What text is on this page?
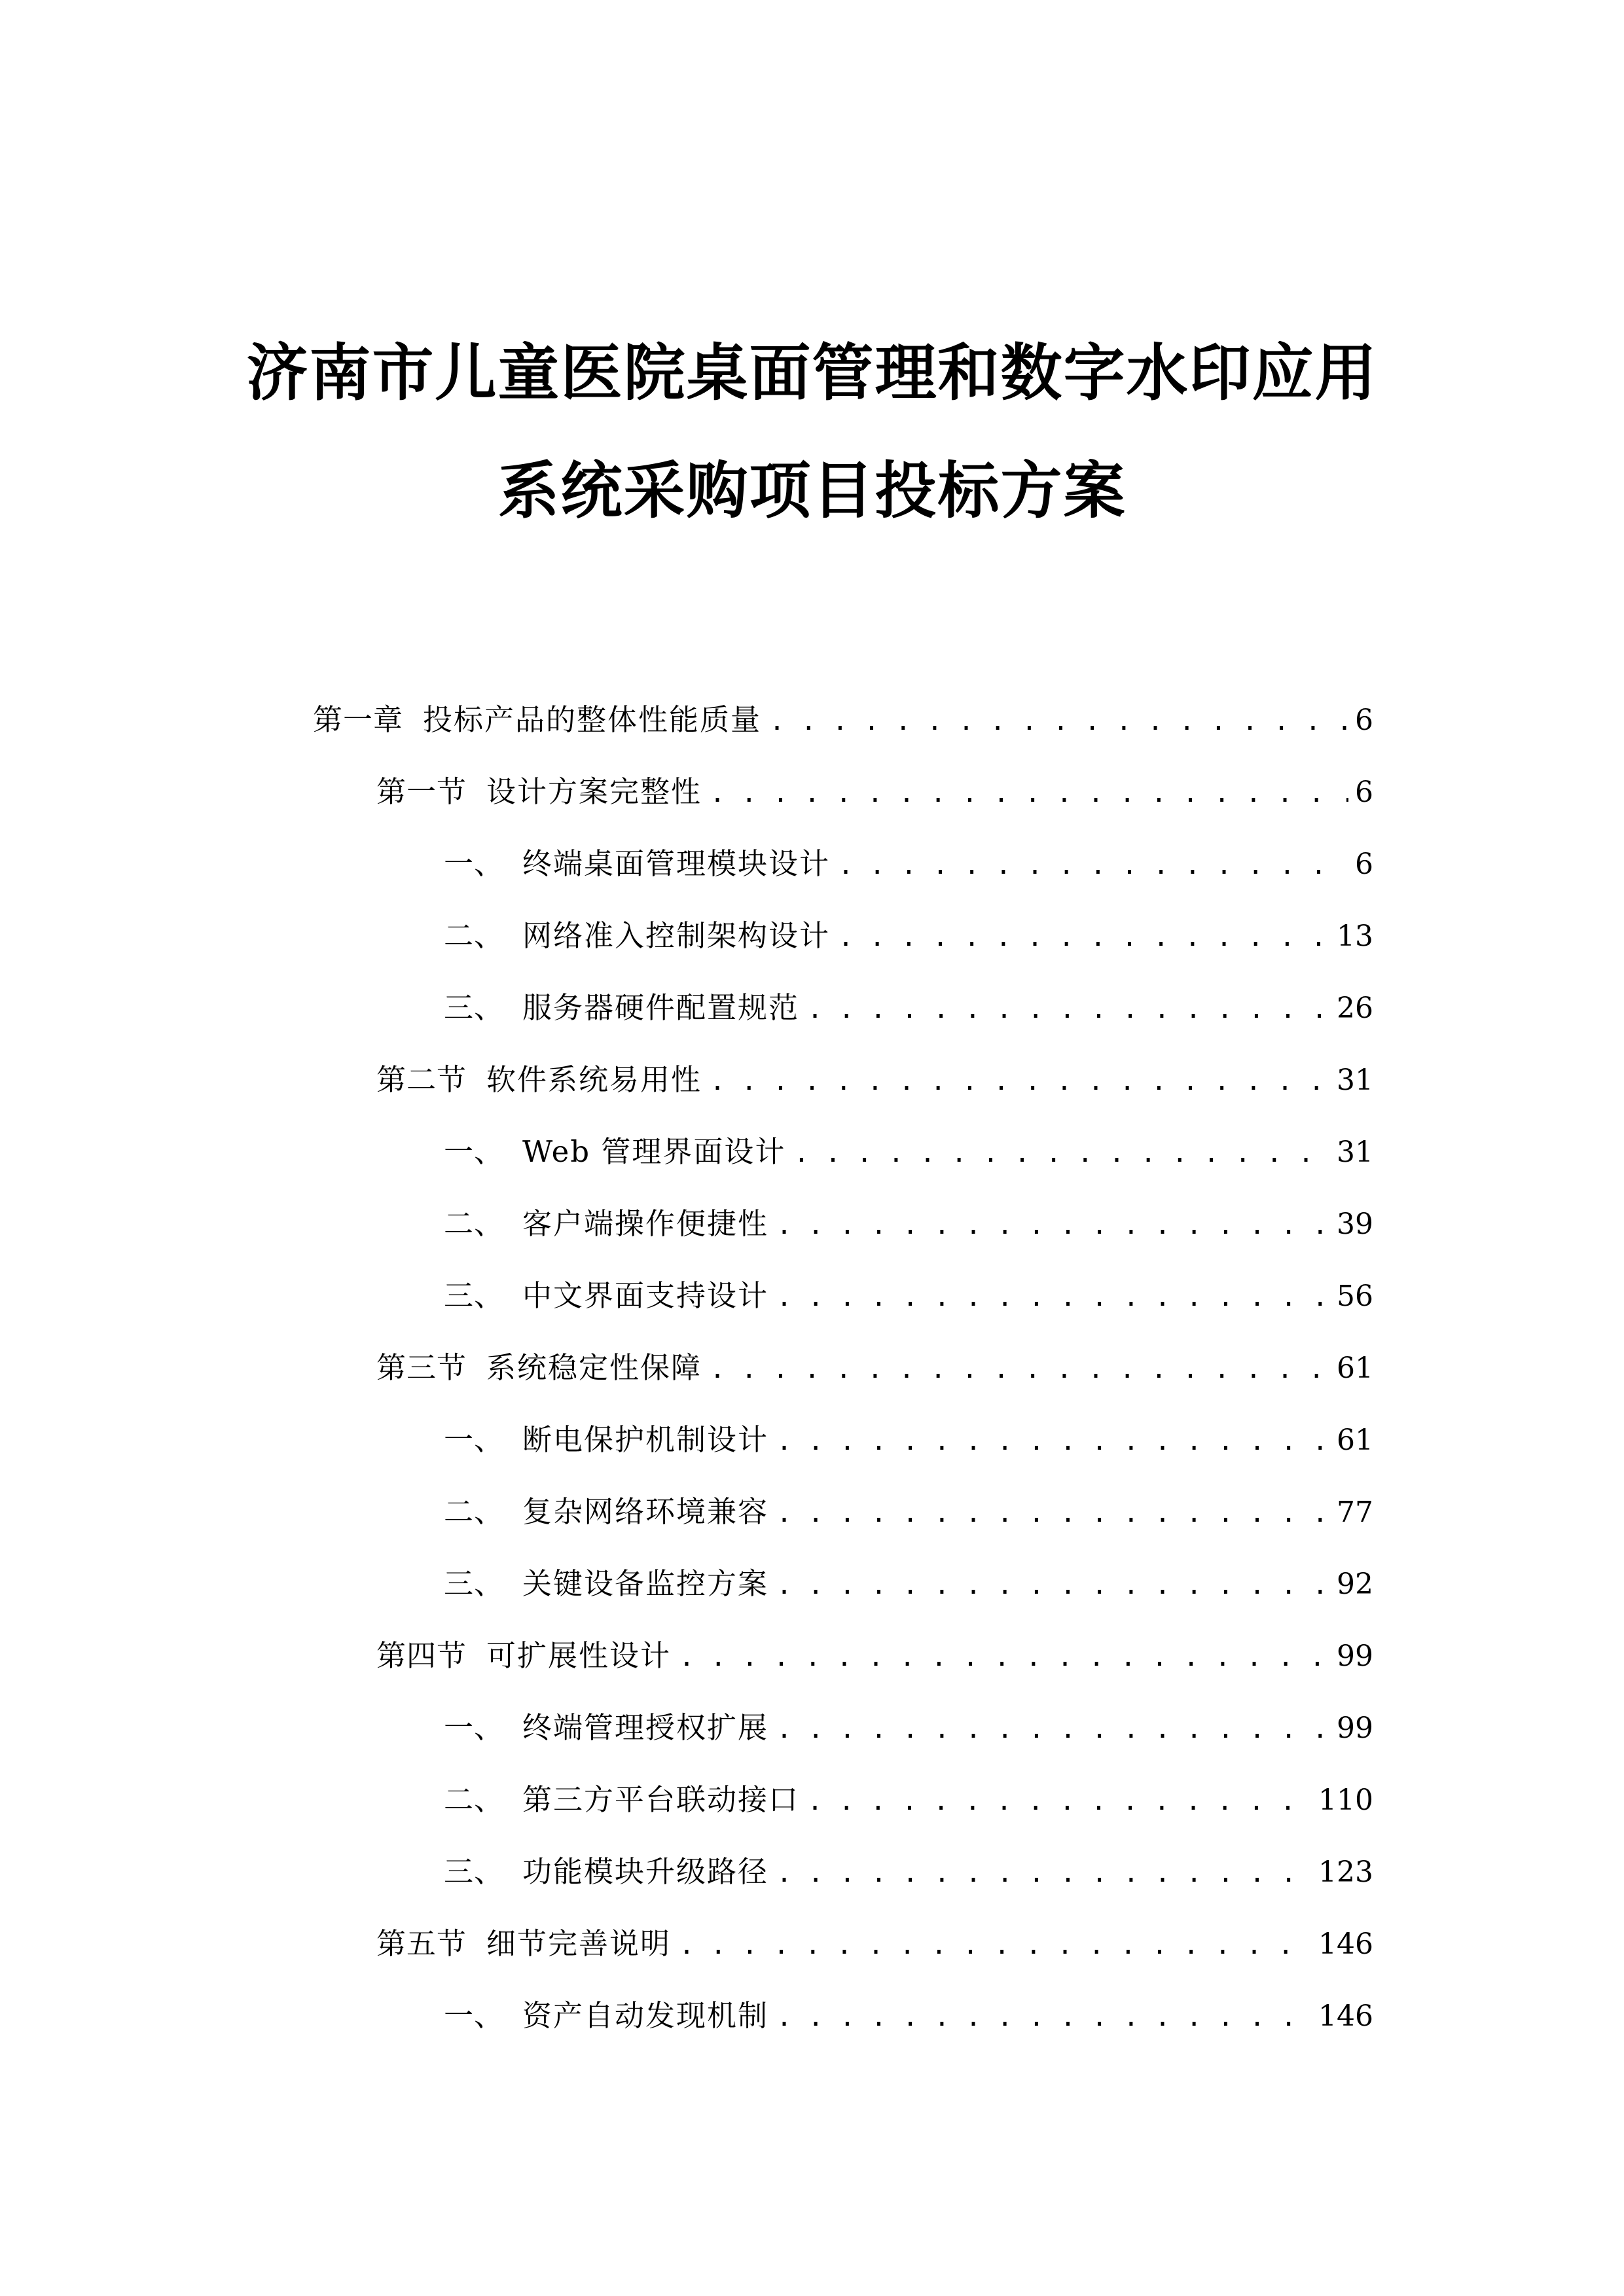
济南市儿童医院桌面管理和数字水印应用
系统采购项目投标方案
第一章 投标产品的整体性能质量 . . .	6
第一节 设计方案完整性 . . .	6
一、 终端桌面管理模块设计 . . .	6
二、 网络准入控制架构设计 . . .	13
三、 服务器硬件配置规范 . . .	26
第二节 软件系统易用性 . . .	31
一、 Web 管理界面设计 . . .	31
二、 客户端操作便捷性 . . .	39
三、 中文界面支持设计 . . .	56
第三节 系统稳定性保障 . . .	61
一、 断电保护机制设计 . . .	61
二、 复杂网络环境兼容 . . .	77
三、 关键设备监控方案 . . .	92
第四节 可扩展性设计 . . .	99
一、 终端管理授权扩展 . . .	99
二、 第三方平台联动接口 . . .	110
三、 功能模块升级路径 . . .	123
第五节 细节完善说明 . . .	146
一、 资产自动发现机制 . . .	146
